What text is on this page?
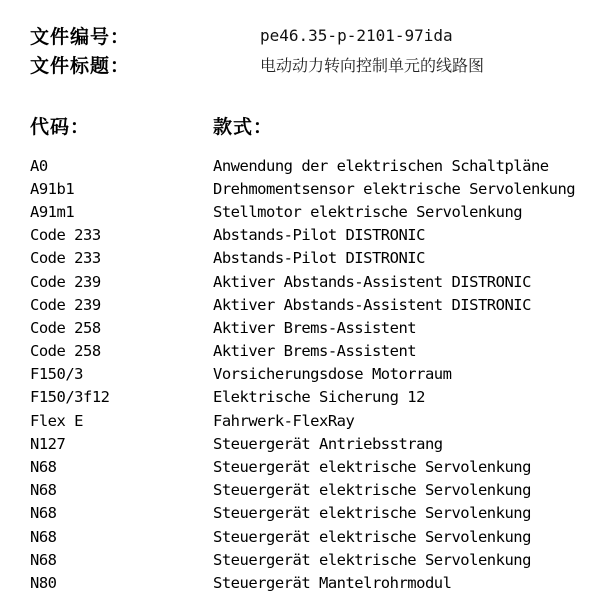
文件编号：	pe46.35-p-2101-97ida
文件标题：	电动动力转向控制单元的线路图
代码：	款式：
A0	Anwendung der elektrischen Schaltpläne
A91b1	Drehmomentsensor elektrische Servolenkung
A91m1	Stellmotor elektrische Servolenkung
Code 233	Abstands-Pilot DISTRONIC
Code 233	Abstands-Pilot DISTRONIC
Code 239	Aktiver Abstands-Assistent DISTRONIC
Code 239	Aktiver Abstands-Assistent DISTRONIC
Code 258	Aktiver Brems-Assistent
Code 258	Aktiver Brems-Assistent
F150/3	Vorsicherungsdose Motorraum
F150/3f12	Elektrische Sicherung 12
Flex E	Fahrwerk-FlexRay
N127	Steuergerät Antriebsstrang
N68	Steuergerät elektrische Servolenkung
N68	Steuergerät elektrische Servolenkung
N68	Steuergerät elektrische Servolenkung
N68	Steuergerät elektrische Servolenkung
N68	Steuergerät elektrische Servolenkung
N80	Steuergerät Mantelrohrmodul
